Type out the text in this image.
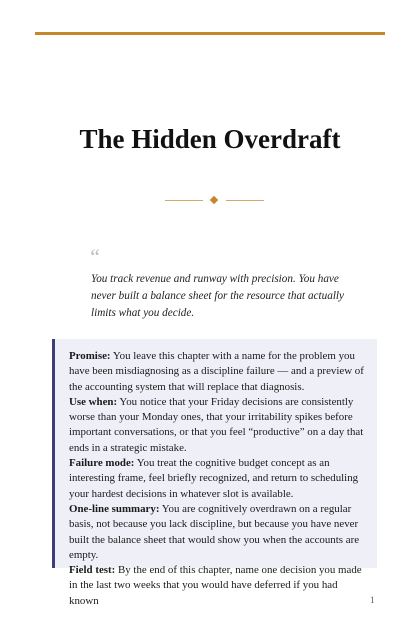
The Hidden Overdraft
“

You track revenue and runway with precision. You have never built a balance sheet for the resource that actually limits what you decide.

Promise: You leave this chapter with a name for the problem you have been misdiagnosing as a discipline failure — and a preview of the accounting system that will replace that diagnosis.

Use when: You notice that your Friday decisions are consistently worse than your Monday ones, that your irritability spikes before important conversations, or that you feel “productive” on a day that ends in a strategic mistake.

Failure mode: You treat the cognitive budget concept as an interesting frame, feel briefly recognized, and return to scheduling your hardest decisions in whatever slot is available.

One-line summary: You are cognitively overdrawn on a regular basis, not because you lack discipline, but because you have never built the balance sheet that would show you when the accounts are empty.

Field test: By the end of this chapter, name one decision you made in the last two weeks that you would have deferred if you had known	1
